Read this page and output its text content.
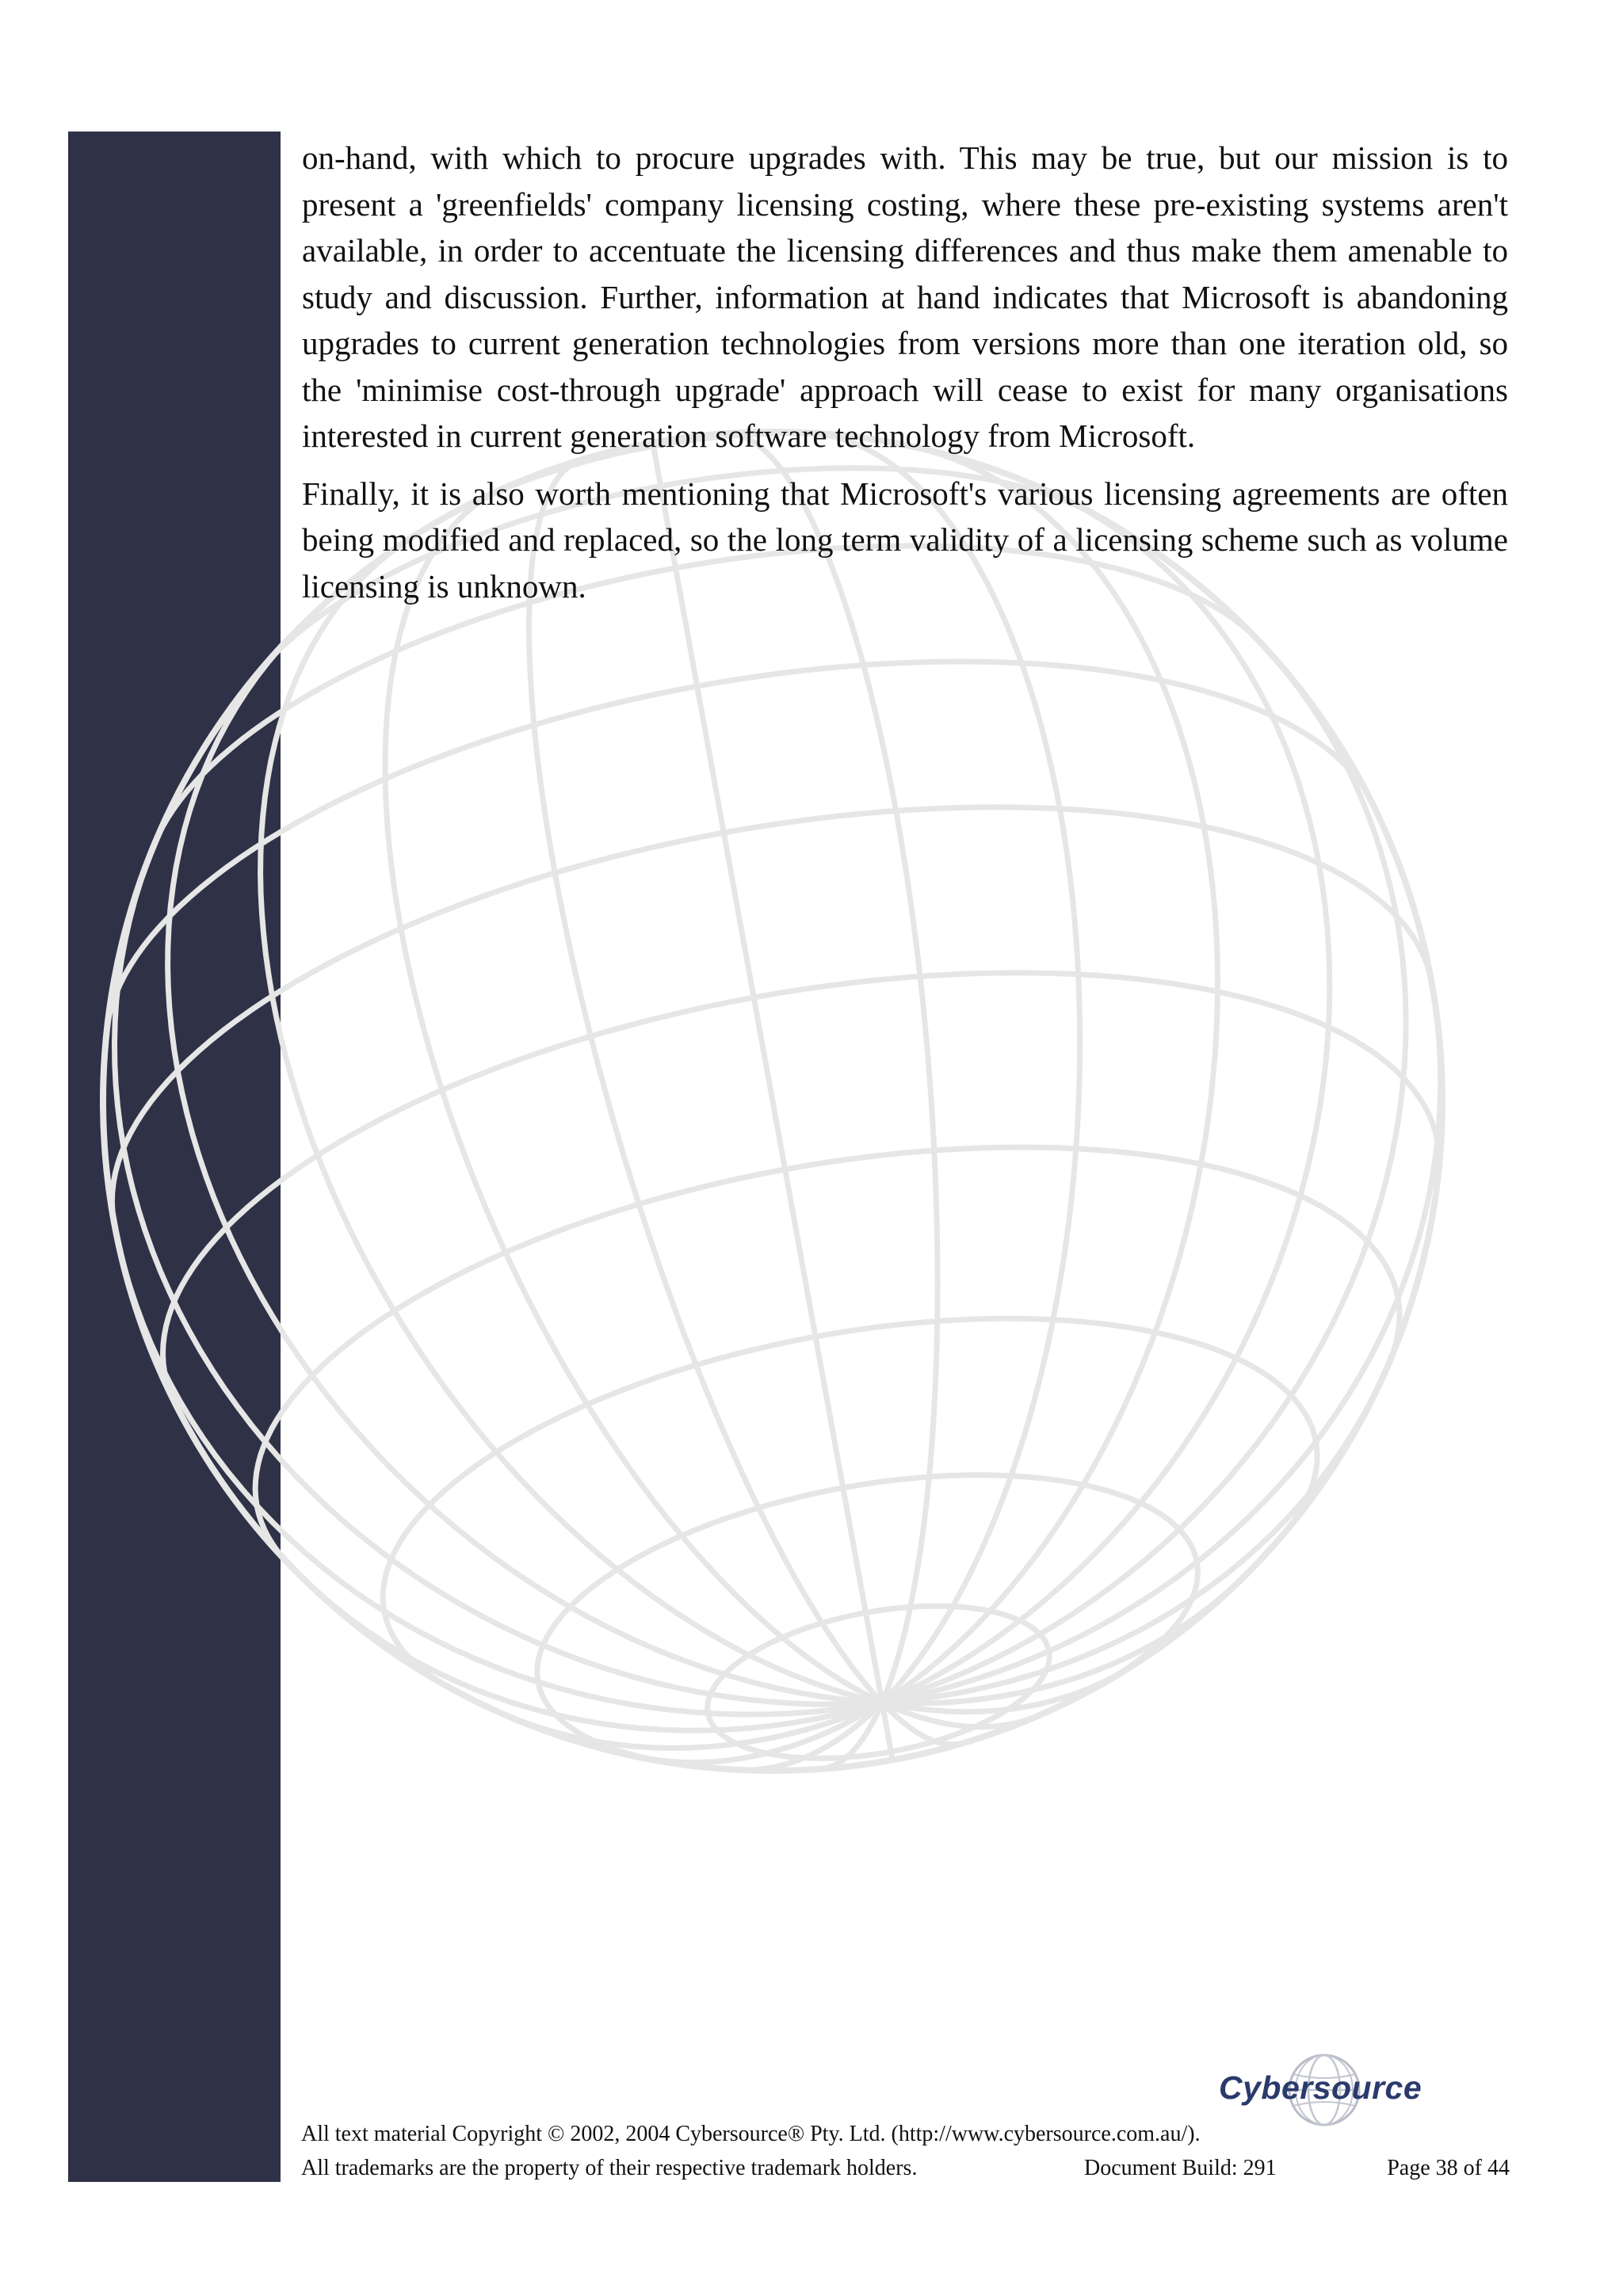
on-hand, with which to procure upgrades with. This may be true, but our mission is to present a 'greenfields' company licensing costing, where these pre-existing systems aren't available, in order to accentuate the licensing differences and thus make them amenable to study and discussion. Further, information at hand indicates that Microsoft is abandoning upgrades to current generation technologies from versions more than one iteration old, so the 'minimise cost-through upgrade' approach will cease to exist for many organisations interested in current generation software technology from Microsoft.

Finally, it is also worth mentioning that Microsoft's various licensing agreements are often being modified and replaced, so the long term validity of a licensing scheme such as volume licensing is unknown.

Cybersource
All text material Copyright © 2002, 2004 Cybersource® Pty. Ltd. (http://www.cybersource.com.au/).
All trademarks are the property of their respective trademark holders.	Document Build: 291	Page 38 of 44
